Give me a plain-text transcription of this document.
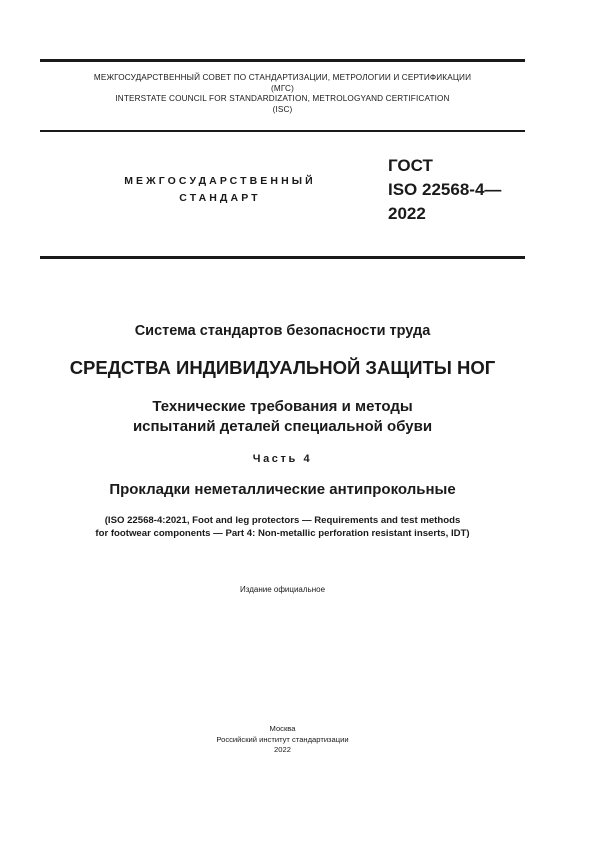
МЕЖГОСУДАРСТВЕННЫЙ СОВЕТ ПО СТАНДАРТИЗАЦИИ, МЕТРОЛОГИИ И СЕРТИФИКАЦИИ
(МГС)
INTERSTATE COUNCIL FOR STANDARDIZATION, METROLOGYAND CERTIFICATION
(ISC)
МЕЖГОСУДАРСТВЕННЫЙ
СТАНДАРТ
ГОСТ
ISO 22568-4—
2022
Система стандартов безопасности труда
СРЕДСТВА ИНДИВИДУАЛЬНОЙ ЗАЩИТЫ НОГ
Технические требования и методы
испытаний деталей специальной обуви
Часть 4
Прокладки неметаллические антипрокольные
(ISO 22568-4:2021, Foot and leg protectors — Requirements and test methods
for footwear components — Part 4: Non-metallic perforation resistant inserts, IDT)
Издание официальное
Москва
Российский институт стандартизации
2022
